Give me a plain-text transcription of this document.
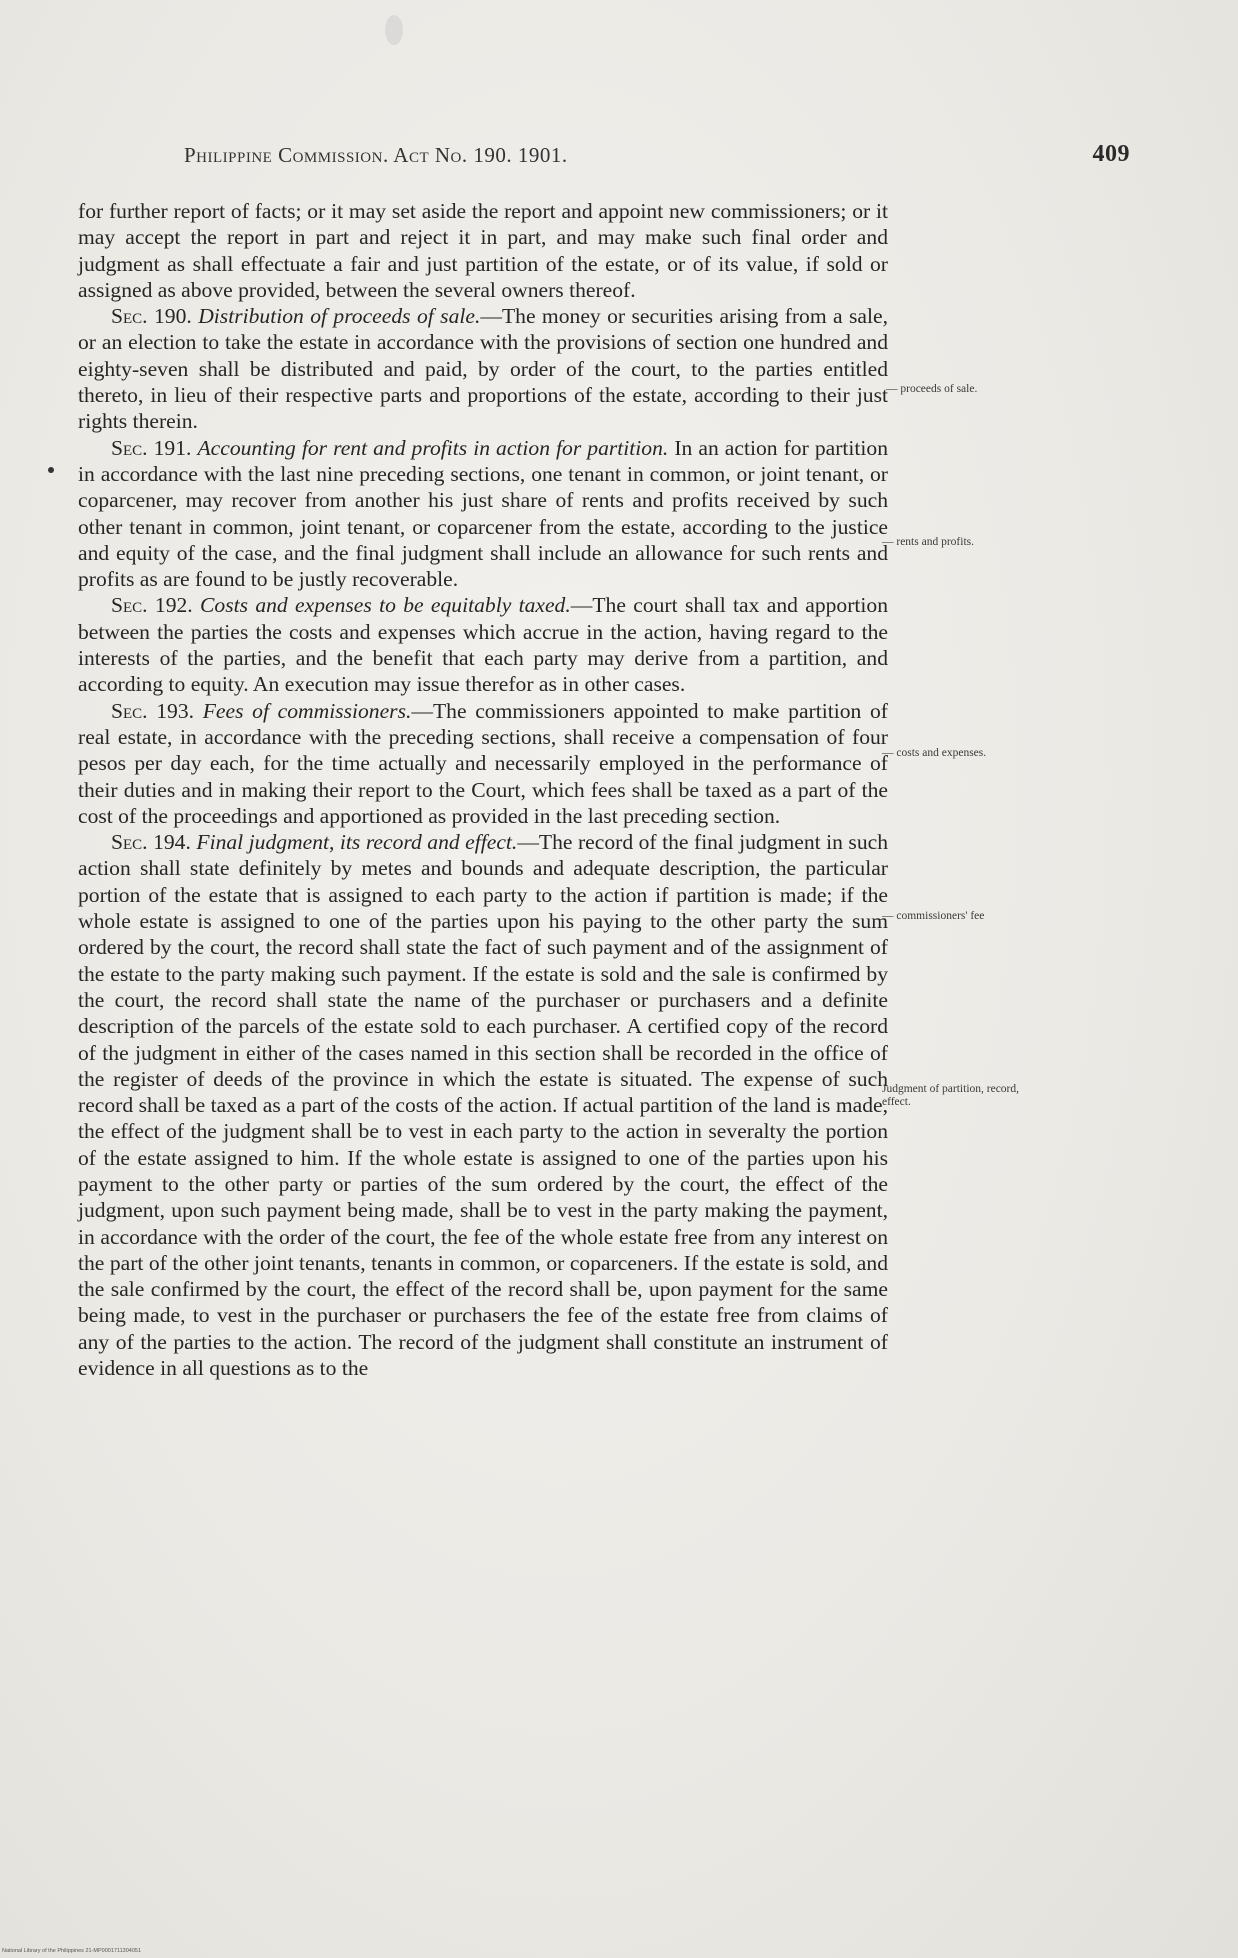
Philippine Commission. Act No. 190. 1901.	409

for further report of facts; or it may set aside the report and appoint new commissioners; or it may accept the report in part and reject it in part, and may make such final order and judgment as shall effectuate a fair and just partition of the estate, or of its value, if sold or assigned as above provided, between the several owners thereof.

Sec. 190. Distribution of proceeds of sale.—The money or securities arising from a sale, or an election to take the estate in accordance with the provisions of section one hundred and eighty-seven shall be distributed and paid, by order of the court, to the parties entitled thereto, in lieu of their respective parts and proportions of the estate, according to their just rights therein.

Sec. 191. Accounting for rent and profits in action for partition. In an action for partition in accordance with the last nine preceding sections, one tenant in common, or joint tenant, or coparcener, may recover from another his just share of rents and profits received by such other tenant in common, joint tenant, or coparcener from the estate, according to the justice and equity of the case, and the final judgment shall include an allowance for such rents and profits as are found to be justly recoverable.

Sec. 192. Costs and expenses to be equitably taxed.—The court shall tax and apportion between the parties the costs and expenses which accrue in the action, having regard to the interests of the parties, and the benefit that each party may derive from a partition, and according to equity. An execution may issue therefor as in other cases.

Sec. 193. Fees of commissioners.—The commissioners appointed to make partition of real estate, in accordance with the preceding sections, shall receive a compensation of four pesos per day each, for the time actually and necessarily employed in the performance of their duties and in making their report to the Court, which fees shall be taxed as a part of the cost of the proceedings and apportioned as provided in the last preceding section.

Sec. 194. Final judgment, its record and effect.—The record of the final judgment in such action shall state definitely by metes and bounds and adequate description, the particular portion of the estate that is assigned to each party to the action if partition is made; if the whole estate is assigned to one of the parties upon his paying to the other party the sum ordered by the court, the record shall state the fact of such payment and of the assignment of the estate to the party making such payment. If the estate is sold and the sale is confirmed by the court, the record shall state the name of the purchaser or purchasers and a definite description of the parcels of the estate sold to each purchaser. A certified copy of the record of the judgment in either of the cases named in this section shall be recorded in the office of the register of deeds of the province in which the estate is situated. The expense of such record shall be taxed as a part of the costs of the action. If actual partition of the land is made, the effect of the judgment shall be to vest in each party to the action in severalty the portion of the estate assigned to him. If the whole estate is assigned to one of the parties upon his payment to the other party or parties of the sum ordered by the court, the effect of the judgment, upon such payment being made, shall be to vest in the party making the payment, in accordance with the order of the court, the fee of the whole estate free from any interest on the part of the other joint tenants, tenants in common, or coparceners. If the estate is sold, and the sale confirmed by the court, the effect of the record shall be, upon payment for the same being made, to vest in the purchaser or purchasers the fee of the estate free from claims of any of the parties to the action. The record of the judgment shall constitute an instrument of evidence in all questions as to the

— proceeds of sale.
— rents and profits.
— costs and expenses.
— commissioners' fee
Judgment of partition, record, effect.
National Library of the Philippines 21-MP0001711304051
